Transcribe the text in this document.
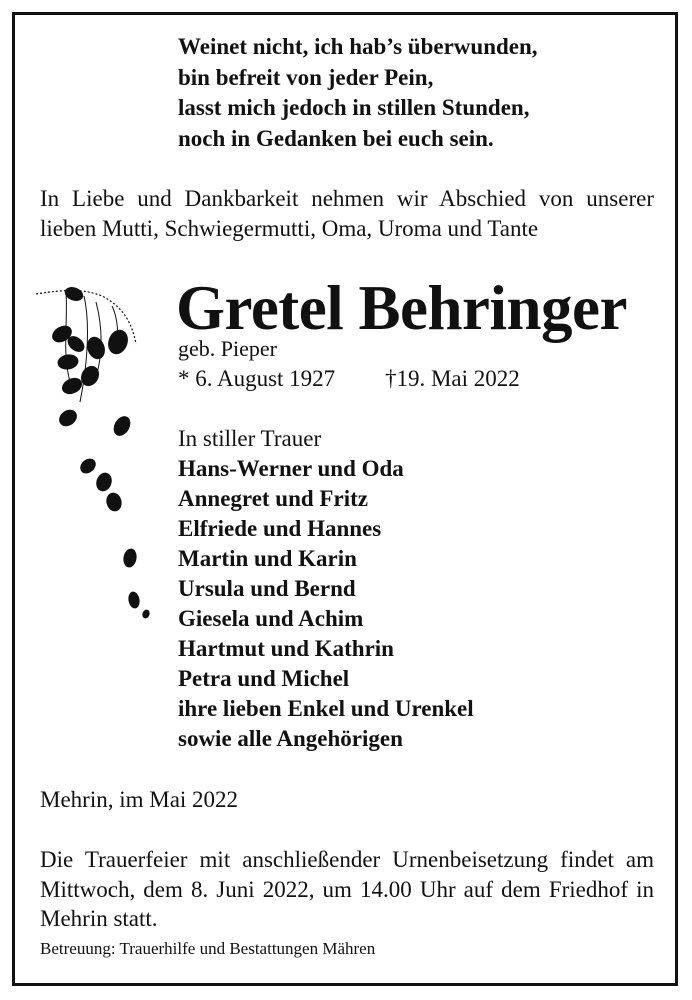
Weinet nicht, ich hab’s überwunden,
bin befreit von jeder Pein,
lasst mich jedoch in stillen Stunden,
noch in Gedanken bei euch sein.
In Liebe und Dankbarkeit nehmen wir Abschied von unserer lieben Mutti, Schwiegermutti, Oma, Uroma und Tante
Gretel Behringer
geb. Pieper
* 6. August 1927 †19. Mai 2022
In stiller Trauer
Hans-Werner und Oda
Annegret und Fritz
Elfriede und Hannes
Martin und Karin
Ursula und Bernd
Giesela und Achim
Hartmut und Kathrin
Petra und Michel
ihre lieben Enkel und Urenkel
sowie alle Angehörigen
Mehrin, im Mai 2022
Die Trauerfeier mit anschließender Urnenbeisetzung findet am Mittwoch, dem 8. Juni 2022, um 14.00 Uhr auf dem Friedhof in Mehrin statt.
Betreuung: Trauerhilfe und Bestattungen Mähren
